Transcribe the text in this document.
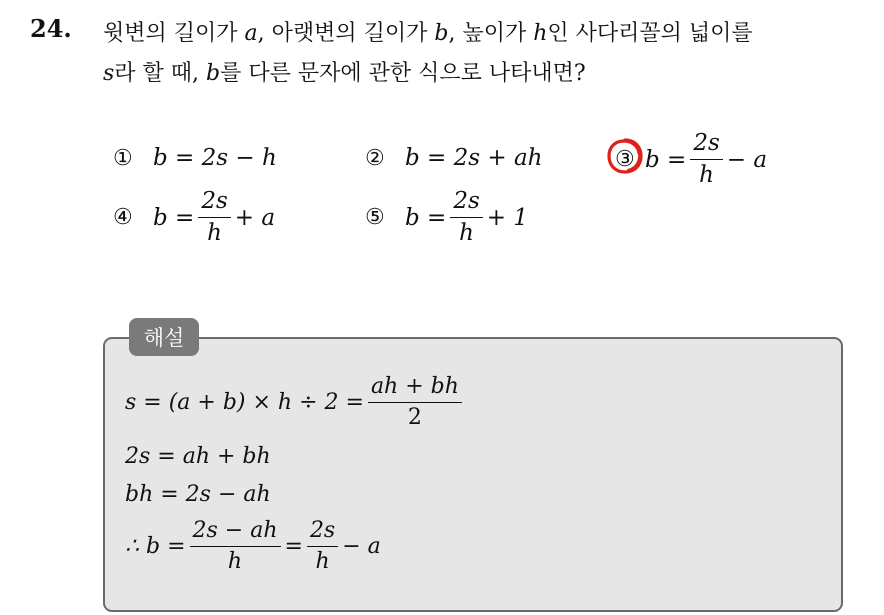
24. 윗변의 길이가 a, 아랫변의 길이가 b, 높이가 h인 사다리꼴의 넓이를
s라 할 때, b를 다른 문자에 관한 식으로 나타내면?
① b = 2s − h	② b = 2s + ah	③ $b = \frac{2s}{h} - a$
④ $b = \frac{2s}{h} + a$	⑤ $b = \frac{2s}{h} + 1$
해설
$s = (a + b) \times h \div 2 = \frac{ah + bh}{2}$
2s = ah + bh
bh = 2s − ah
∴ $b = \frac{2s - ah}{h} = \frac{2s}{h} - a$
